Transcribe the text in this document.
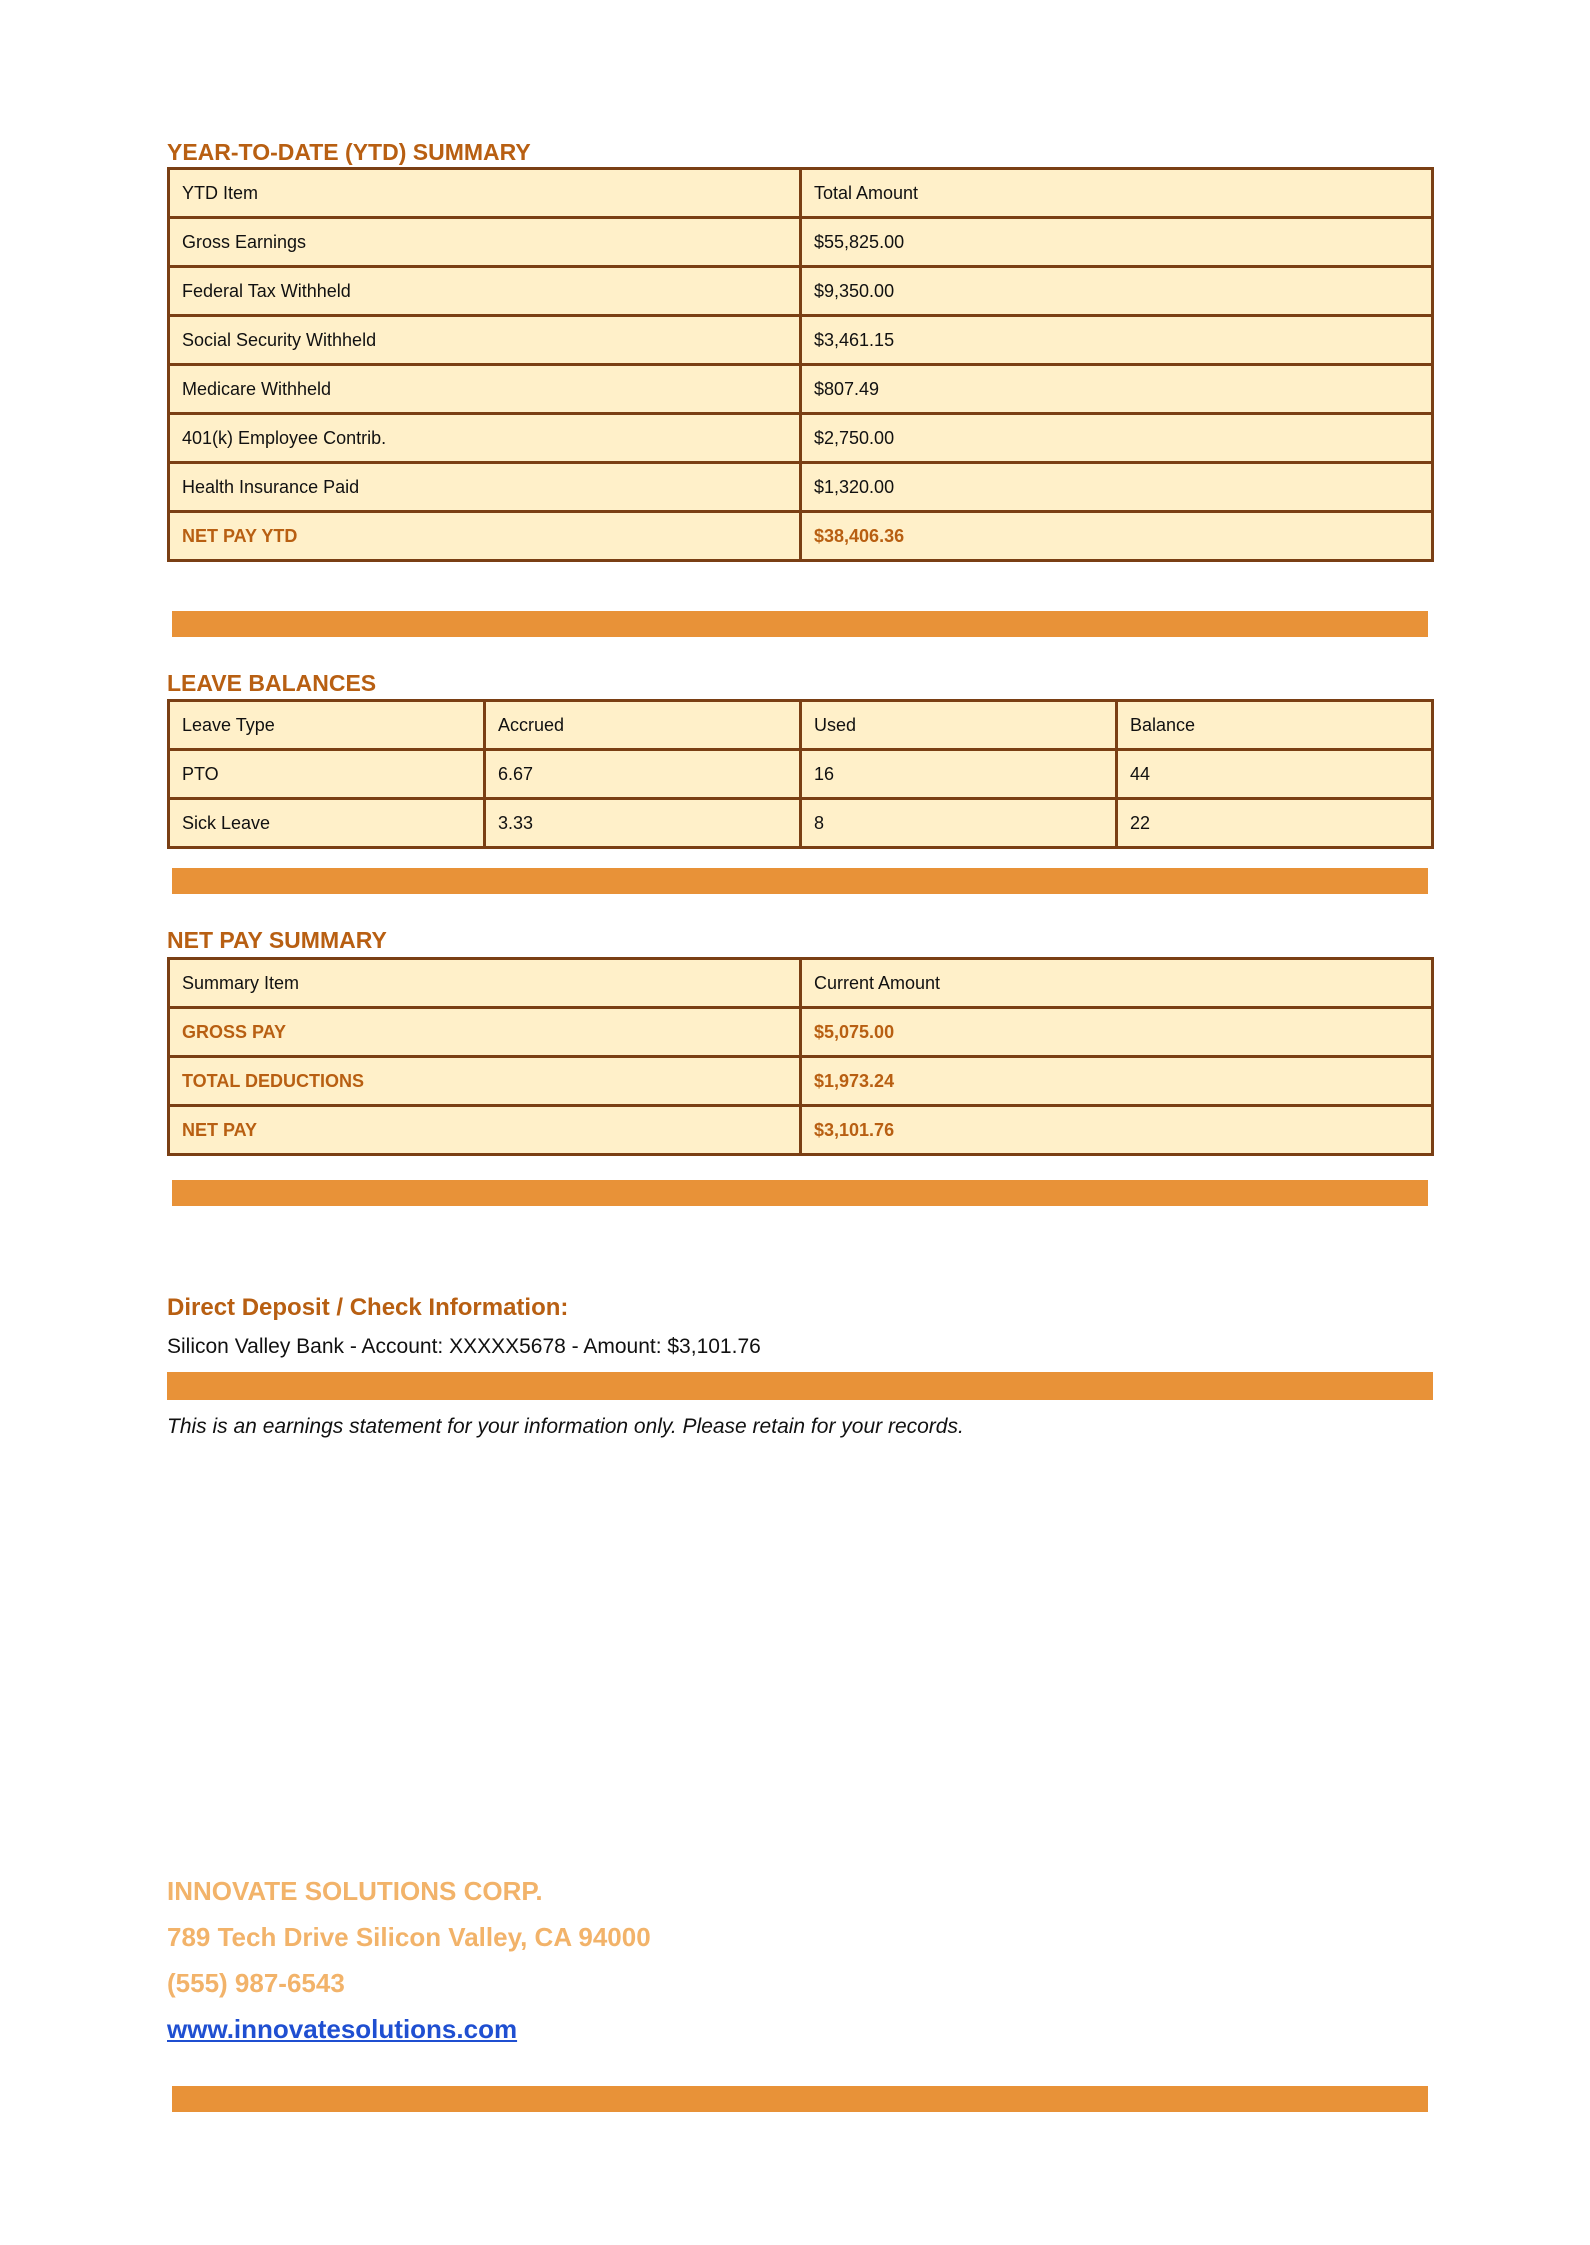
YEAR-TO-DATE (YTD) SUMMARY
YTD Item	Total Amount
Gross Earnings	$55,825.00
Federal Tax Withheld	$9,350.00
Social Security Withheld	$3,461.15
Medicare Withheld	$807.49
401(k) Employee Contrib.	$2,750.00
Health Insurance Paid	$1,320.00
NET PAY YTD	$38,406.36
LEAVE BALANCES
Leave Type	Accrued	Used	Balance
PTO	6.67	16	44
Sick Leave	3.33	8	22
NET PAY SUMMARY
Summary Item	Current Amount
GROSS PAY	$5,075.00
TOTAL DEDUCTIONS	$1,973.24
NET PAY	$3,101.76
Direct Deposit / Check Information:
Silicon Valley Bank - Account: XXXXX5678 - Amount: $3,101.76
This is an earnings statement for your information only. Please retain for your records.
INNOVATE SOLUTIONS CORP.
789 Tech Drive Silicon Valley, CA 94000
(555) 987-6543
www.innovatesolutions.com
